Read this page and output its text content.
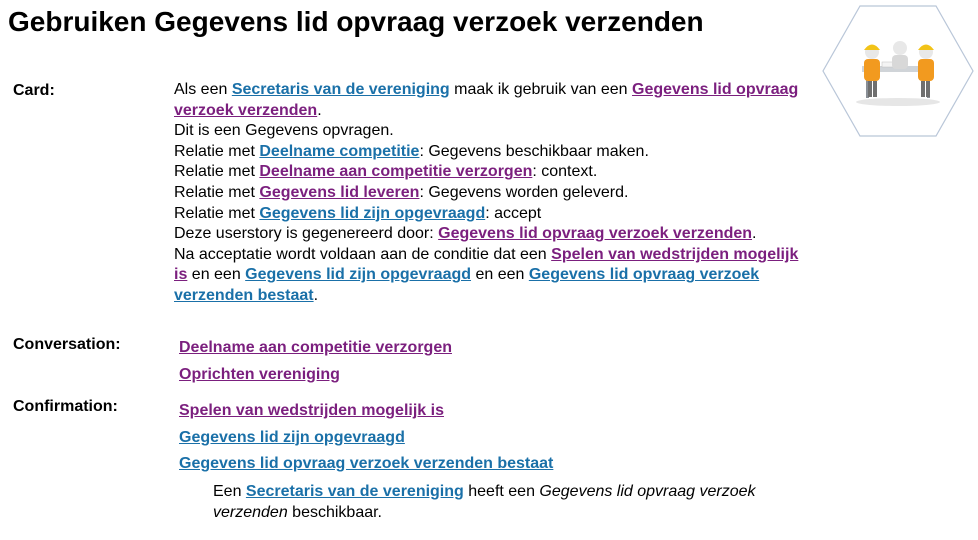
Gebruiken Gegevens lid opvraag verzoek verzenden
Card:	Als een Secretaris van de vereniging maak ik gebruik van een Gegevens lid opvraag verzoek verzenden.
Dit is een Gegevens opvragen.
Relatie met Deelname competitie: Gegevens beschikbaar maken.
Relatie met Deelname aan competitie verzorgen: context.
Relatie met Gegevens lid leveren: Gegevens worden geleverd.
Relatie met Gegevens lid zijn opgevraagd: accept
Deze userstory is gegenereerd door: Gegevens lid opvraag verzoek verzenden.
Na acceptatie wordt voldaan aan de conditie dat een Spelen van wedstrijden mogelijk is en een Gegevens lid zijn opgevraagd en een Gegevens lid opvraag verzoek verzenden bestaat.
Conversation:	Deelname aan competitie verzorgen
Oprichten vereniging
Confirmation:	Spelen van wedstrijden mogelijk is
Gegevens lid zijn opgevraagd
Gegevens lid opvraag verzoek verzenden bestaat
Een Secretaris van de vereniging heeft een Gegevens lid opvraag verzoek verzenden beschikbaar.
